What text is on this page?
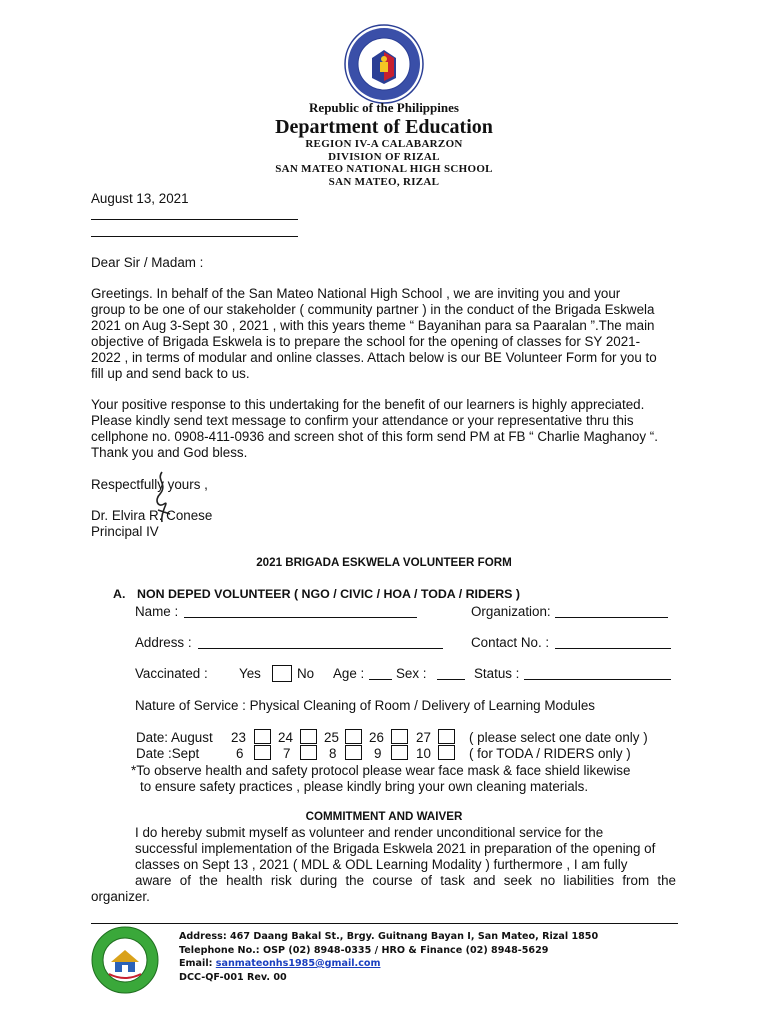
Republic of the Philippines
Department of Education
REGION IV-A CALABARZON
DIVISION OF RIZAL
SAN MATEO NATIONAL HIGH SCHOOL
SAN MATEO, RIZAL
August 13, 2021
Dear Sir / Madam :
Greetings. In behalf of the San Mateo National High School , we are inviting you and your
group to be one of our stakeholder ( community partner ) in the conduct of the Brigada Eskwela
2021 on Aug 3-Sept 30 , 2021 , with this years theme “ Bayanihan para sa Paaralan ”.The main
objective of Brigada Eskwela is to prepare the school for the opening of classes for SY 2021-
2022 , in terms of modular and online classes. Attach below is our BE Volunteer Form for you to
fill up and send back to us.
Your positive response to this undertaking for the benefit of our learners is highly appreciated.
Please kindly send text message to confirm your attendance or your representative thru this
cellphone no. 0908-411-0936 and screen shot of this form send PM at FB “ Charlie Maghanoy “.
Thank you and God bless.
Respectfully yours ,
Dr. Elvira R. Conese
Principal IV
2021 BRIGADA ESKWELA VOLUNTEER FORM
A. NON DEPED VOLUNTEER ( NGO / CIVIC / HOA / TODA / RIDERS )
Name :	Organization:
Address :	Contact No. :
Vaccinated : Yes	No Age : Sex :	Status :
Nature of Service : Physical Cleaning of Room / Delivery of Learning Modules
Date: August 23 24 25 26 27	( please select one date only )
Date :Sept	6	7	8	9	10	( for TODA / RIDERS only )
*To observe health and safety protocol please wear face mask & face shield likewise
to ensure safety practices , please kindly bring your own cleaning materials.
COMMITMENT AND WAIVER
I do hereby submit myself as volunteer and render unconditional service for the
successful implementation of the Brigada Eskwela 2021 in preparation of the opening of
classes on Sept 13 , 2021 ( MDL & ODL Learning Modality ) furthermore , I am fully
aware of the health risk during the course of task and seek no liabilities from the
organizer.
Address: 467 Daang Bakal St., Brgy. Guitnang Bayan I, San Mateo, Rizal 1850
Telephone No.: OSP (02) 8948-0335 / HRO & Finance (02) 8948-5629
Email: sanmateonhs1985@gmail.com
DCC-QF-001 Rev. 00
